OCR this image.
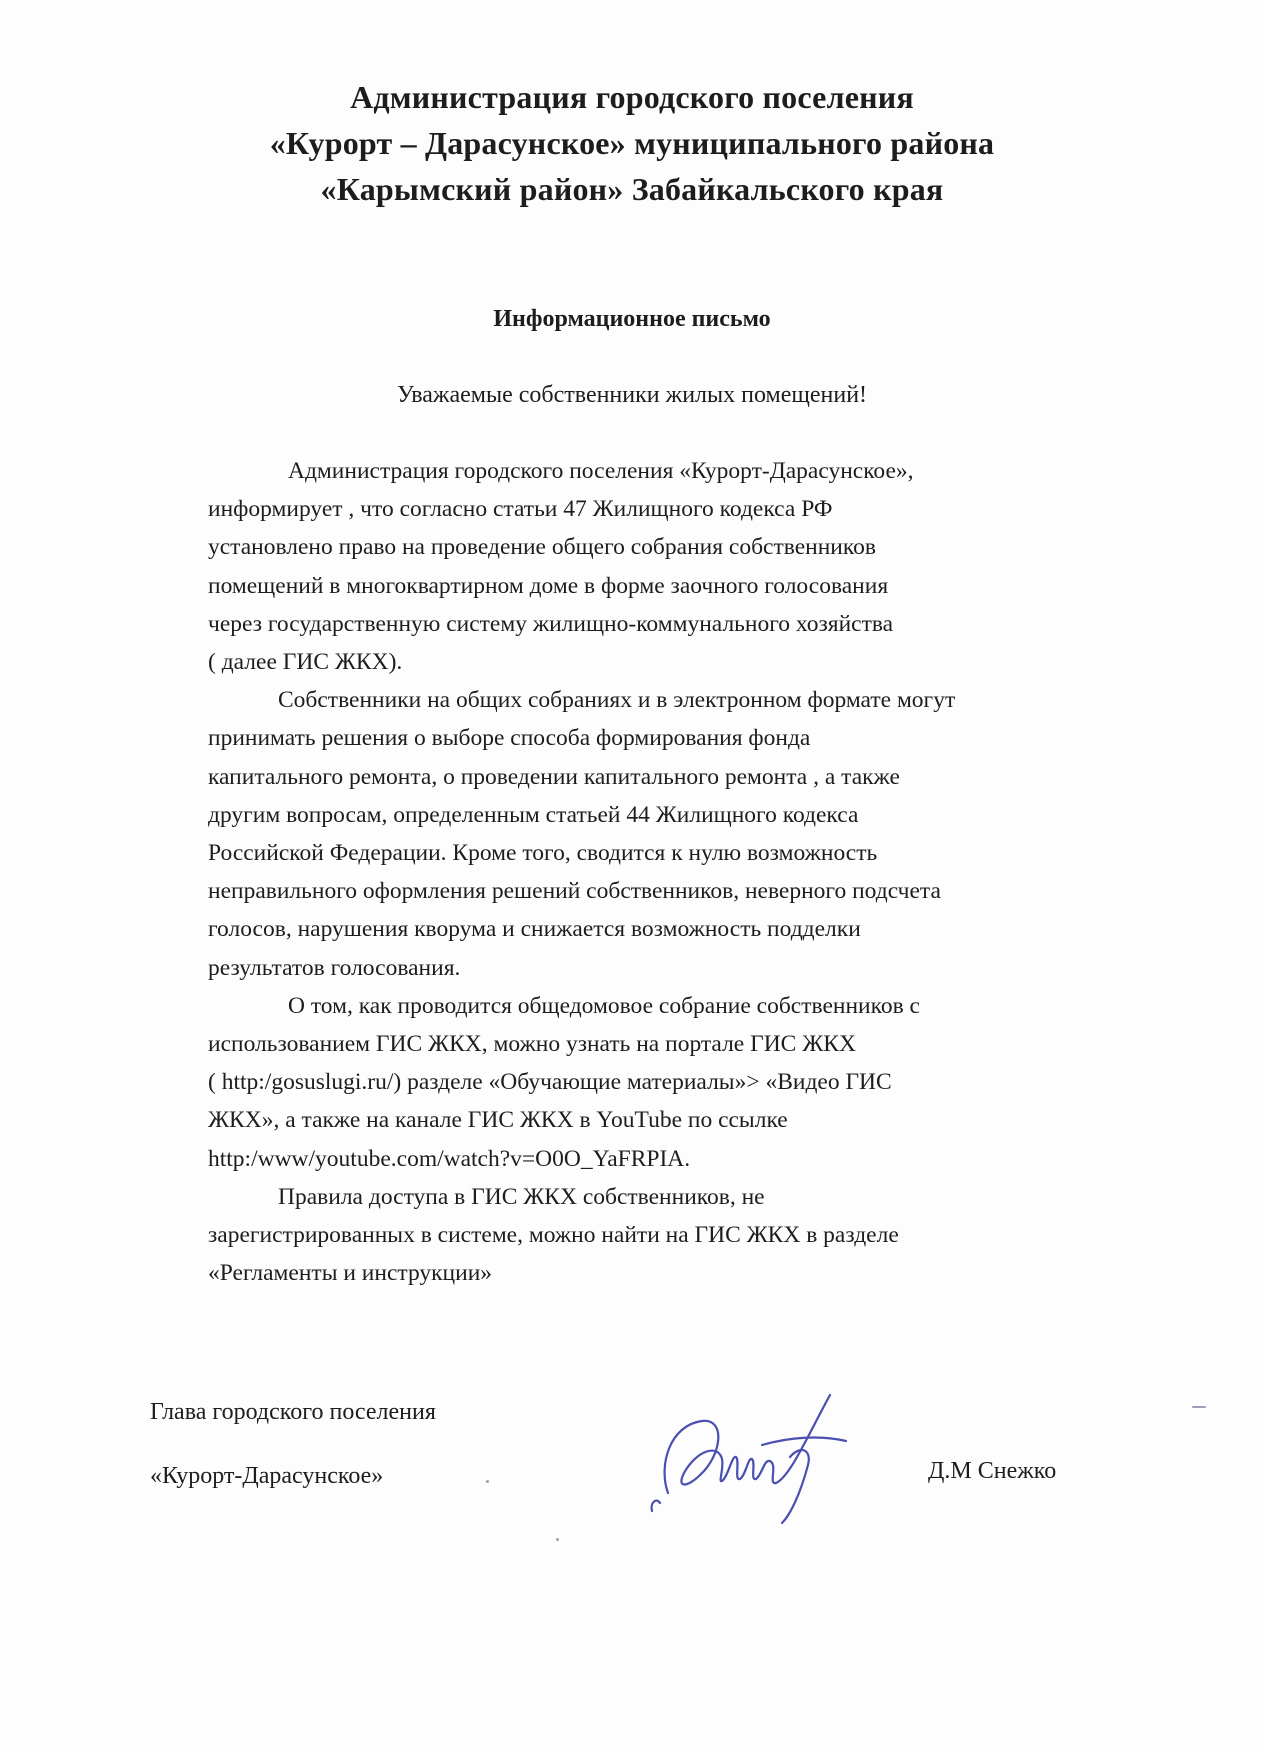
Администрация городского поселения
«Курорт – Дарасунское» муниципального района
«Карымский район» Забайкальского края
Информационное письмо
Уважаемые собственники жилых помещений!
Администрация городского поселения «Курорт-Дарасунское»,
информирует , что согласно статьи 47 Жилищного кодекса РФ
установлено право на проведение общего собрания собственников
помещений в многоквартирном доме в форме заочного голосования
через государственную систему жилищно-коммунального хозяйства
( далее ГИС ЖКХ).
Собственники на общих собраниях и в электронном формате могут
принимать решения о выборе способа формирования фонда
капитального ремонта, о проведении капитального ремонта , а также
другим вопросам, определенным статьей 44 Жилищного кодекса
Российской Федерации. Кроме того, сводится к нулю возможность
неправильного оформления решений собственников, неверного подсчета
голосов, нарушения кворума и снижается возможность подделки
результатов голосования.
О том, как проводится общедомовое собрание собственников с
использованием ГИС ЖКХ, можно узнать на портале ГИС ЖКХ
( http:/gosuslugi.ru/) разделе «Обучающие материалы»> «Видео ГИС
ЖКХ», а также на канале ГИС ЖКХ в YouTube по ссылке
http:/www/youtube.com/watch?v=O0O_YaFRPIA.
Правила доступа в ГИС ЖКХ собственников, не
зарегистрированных в системе, можно найти на ГИС ЖКХ в разделе
«Регламенты и инструкции»
Глава городского поселения
«Курорт-Дарасунское»	Д.М Снежко
